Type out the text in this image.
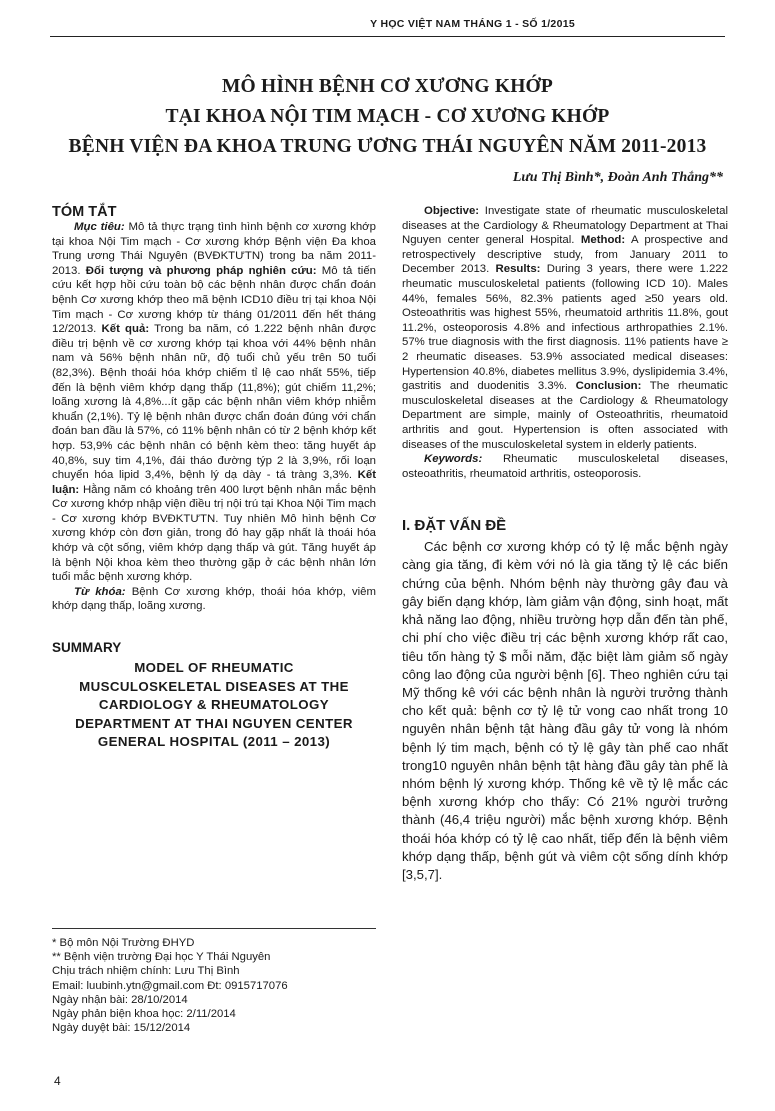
Y HỌC VIỆT NAM THÁNG 1 - SỐ 1/2015
MÔ HÌNH BỆNH CƠ XƯƠNG KHỚP
TẠI KHOA NỘI TIM MẠCH - CƠ XƯƠNG KHỚP
BỆNH VIỆN ĐA KHOA TRUNG ƯƠNG THÁI NGUYÊN NĂM 2011-2013
Lưu Thị Bình*, Đoàn Anh Thắng**
TÓM TẮT

Mục tiêu: Mô tả thực trạng tình hình bệnh cơ xương khớp tại khoa Nội Tim mạch - Cơ xương khớp Bệnh viện Đa khoa Trung ương Thái Nguyên (BVĐKTƯTN) trong ba năm 2011- 2013. Đối tượng và phương pháp nghiên cứu: Mô tả tiến cứu kết hợp hồi cứu toàn bộ các bệnh nhân được chẩn đoán bệnh Cơ xương khớp theo mã bệnh ICD10 điều trị tại khoa Nội Tim mạch - Cơ xương khớp từ tháng 01/2011 đến hết tháng 12/2013. Kết quả: Trong ba năm, có 1.222 bệnh nhân được điều trị bệnh về cơ xương khớp tại khoa với 44% bệnh nhân nam và 56% bệnh nhân nữ, độ tuổi chủ yếu trên 50 tuổi (82,3%). Bệnh thoái hóa khớp chiếm tỉ lệ cao nhất 55%, tiếp đến là bệnh viêm khớp dạng thấp (11,8%); gút chiếm 11,2%; loãng xương là 4,8%...ít gặp các bệnh nhân viêm khớp nhiễm khuẩn (2,1%). Tỷ lệ bệnh nhân được chẩn đoán đúng với chẩn đoán ban đầu là 57%, có 11% bệnh nhân có từ 2 bệnh khớp kết hợp. 53,9% các bệnh nhân có bệnh kèm theo: tăng huyết áp 40,8%, suy tim 4,1%, đái tháo đường týp 2 là 3,9%, rối loạn chuyển hóa lipid 3,4%, bệnh lý dạ dày - tá tràng 3,3%. Kết luận: Hằng năm có khoảng trên 400 lượt bệnh nhân mắc bệnh Cơ xương khớp nhập viện điều trị nội trú tại Khoa Nội Tim mạch - Cơ xương khớp BVĐKTƯTN. Tuy nhiên Mô hình bệnh Cơ xương khớp còn đơn giản, trong đó hay gặp nhất là thoái hóa khớp và cột sống, viêm khớp dạng thấp và gút. Tăng huyết áp là bệnh Nội khoa kèm theo thường gặp ở các bệnh nhân lớn tuổi mắc bệnh xương khớp.

Từ khóa: Bệnh Cơ xương khớp, thoái hóa khớp, viêm khớp dạng thấp, loãng xương.

SUMMARY
MODEL OF RHEUMATIC
MUSCULOSKELETAL DISEASES AT THE
CARDIOLOGY & RHEUMATOLOGY
DEPARTMENT AT THAI NGUYEN CENTER
GENERAL HOSPITAL (2011 – 2013)

* Bộ môn Nội Trường ĐHYD

** Bệnh viện trường Đại học Y Thái Nguyên

Chịu trách nhiệm chính: Lưu Thị Bình

Email: luubinh.ytn@gmail.com Đt: 0915717076

Ngày nhận bài: 28/10/2014

Ngày phản biện khoa học: 2/11/2014

Ngày duyệt bài: 15/12/2014

Objective: Investigate state of rheumatic musculoskeletal diseases at the Cardiology & Rheumatology Department at Thai Nguyen center general Hospital. Method: A prospective and retrospectively descriptive study, from January 2011 to December 2013. Results: During 3 years, there were 1.222 rheumatic musculoskeletal patients (following ICD 10). Males 44%, females 56%, 82.3% patients aged ≥50 years old. Osteoathritis was highest 55%, rheumatoid arthritis 11.8%, gout 11.2%, osteoporosis 4.8% and infectious arthropathies 2.1%. 57% true diagnosis with the first diagnosis. 11% patients have ≥ 2 rheumatic diseases. 53.9% associated medical diseases: Hypertension 40.8%, diabetes mellitus 3.9%, dyslipidemia 3.4%, gastritis and duodenitis 3.3%. Conclusion: The rheumatic musculoskeletal diseases at the Cardiology & Rheumatology Department are simple, mainly of Osteoathritis, rheumatoid arthritis and gout. Hypertension is often associated with diseases of the musculoskeletal system in elderly patients.

Keywords: Rheumatic musculoskeletal diseases, osteoathritis, rheumatoid arthritis, osteoporosis.

I. ĐẶT VẤN ĐỀ

Các bệnh cơ xương khớp có tỷ lệ mắc bệnh ngày càng gia tăng, đi kèm với nó là gia tăng tỷ lệ các biến chứng của bệnh. Nhóm bệnh này thường gây đau và gây biến dạng khớp, làm giảm vận động, sinh hoạt, mất khả năng lao động, nhiều trường hợp dẫn đến tàn phế, chi phí cho việc điều trị các bệnh xương khớp rất cao, tiêu tốn hàng tỷ $ mỗi năm, đặc biệt làm giảm số ngày công lao động của người bệnh [6]. Theo nghiên cứu tại Mỹ thống kê với các bệnh nhân là người trưởng thành cho kết quả: bệnh cơ tỷ lệ tử vong cao nhất trong 10 nguyên nhân bệnh tật hàng đầu gây tử vong là nhóm bệnh lý tim mạch, bệnh có tỷ lệ gây tàn phế cao nhất trong10 nguyên nhân bệnh tật hàng đầu gây tàn phế là nhóm bệnh lý xương khớp. Thống kê về tỷ lệ mắc các bệnh xương khớp cho thấy: Có 21% người trưởng thành (46,4 triệu người) mắc bệnh xương khớp. Bệnh thoái hóa khớp có tỷ lệ cao nhất, tiếp đến là bệnh viêm khớp dạng thấp, bệnh gút và viêm cột sống dính khớp [3,5,7].

4
